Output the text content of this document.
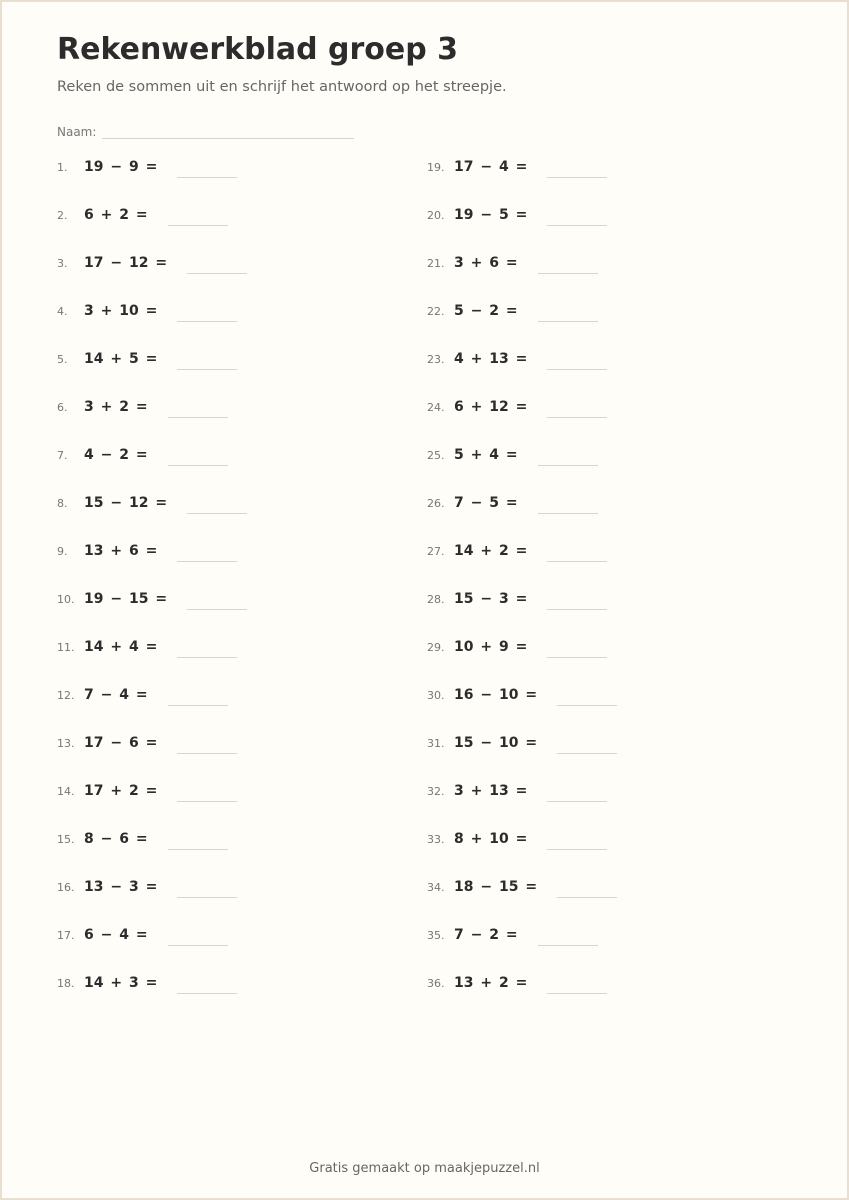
Rekenwerkblad groep 3

Reken de sommen uit en schrijf het antwoord op het streepje.

Naam:
1.	19 − 9 =
2.	6 + 2 =
3.	17 − 12 =
4.	3 + 10 =
5.	14 + 5 =
6.	3 + 2 =
7.	4 − 2 =
8.	15 − 12 =
9.	13 + 6 =
10. 19 − 15 =
11. 14 + 4 =
12. 7 − 4 =
13. 17 − 6 =
14. 17 + 2 =
15. 8 − 6 =
16. 13 − 3 =
17. 6 − 4 =
18. 14 + 3 =
19. 17 − 4 =
20. 19 − 5 =
21. 3 + 6 =
22. 5 − 2 =
23. 4 + 13 =
24. 6 + 12 =
25. 5 + 4 =
26. 7 − 5 =
27. 14 + 2 =
28. 15 − 3 =
29. 10 + 9 =
30. 16 − 10 =
31. 15 − 10 =
32. 3 + 13 =
33. 8 + 10 =
34. 18 − 15 =
35. 7 − 2 =
36. 13 + 2 =
Gratis gemaakt op maakjepuzzel.nl
